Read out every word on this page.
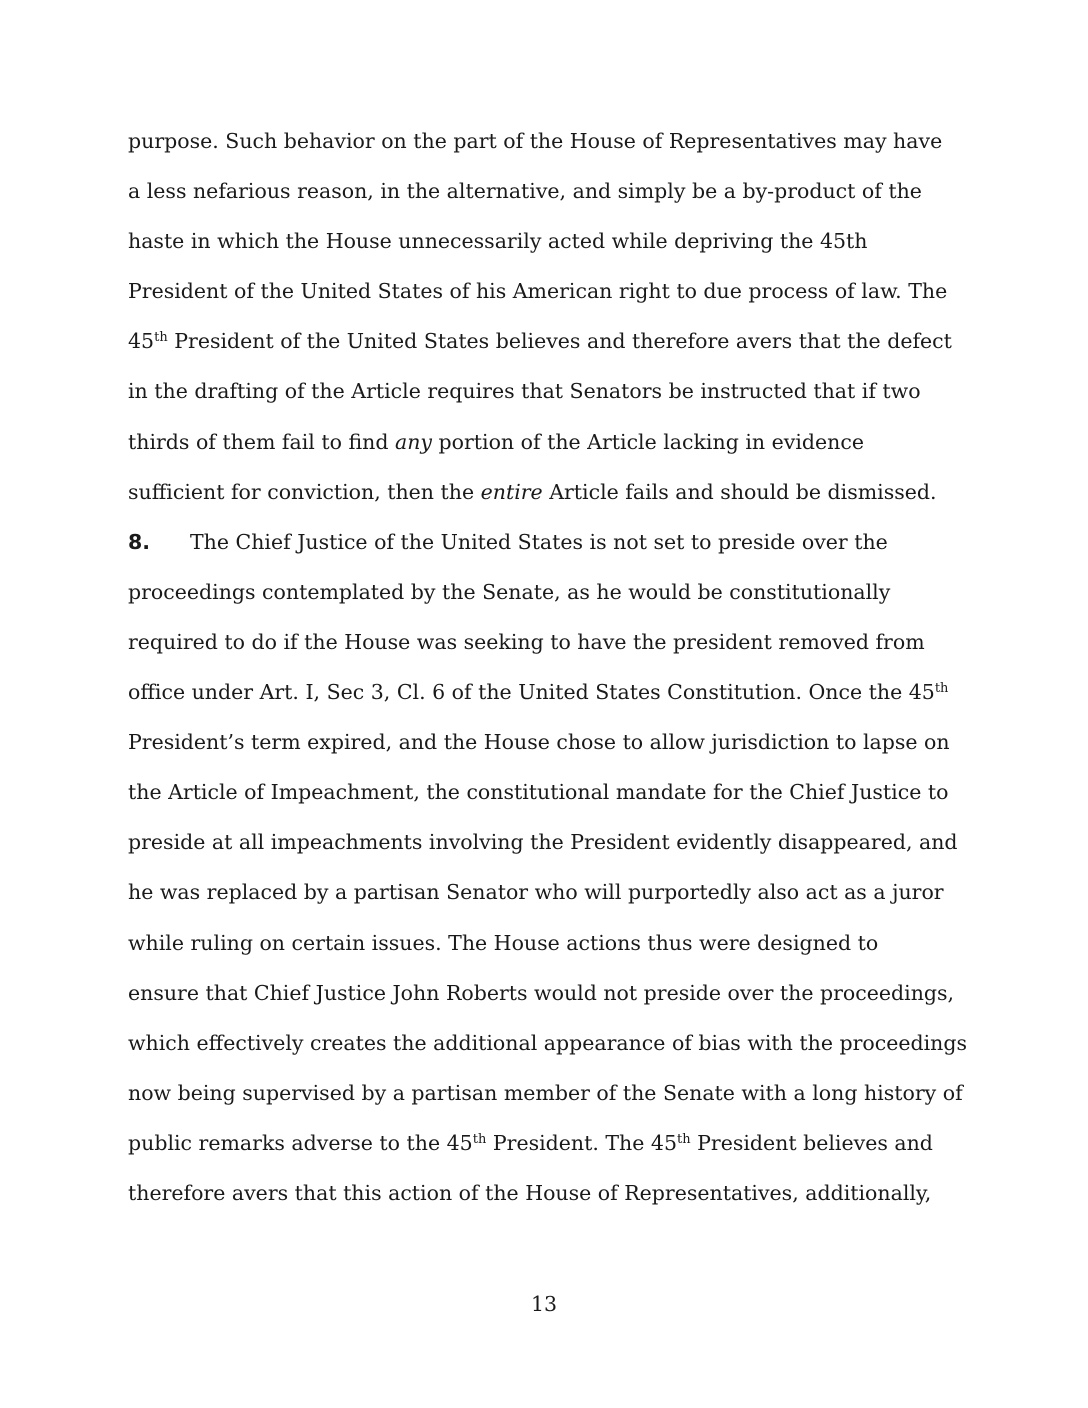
purpose. Such behavior on the part of the House of Representatives may have
a less nefarious reason, in the alternative, and simply be a by-product of the
haste in which the House unnecessarily acted while depriving the 45th
President of the United States of his American right to due process of law. The
45th President of the United States believes and therefore avers that the defect
in the drafting of the Article requires that Senators be instructed that if two
thirds of them fail to find any portion of the Article lacking in evidence
sufficient for conviction, then the entire Article fails and should be dismissed.
8. The Chief Justice of the United States is not set to preside over the
proceedings contemplated by the Senate, as he would be constitutionally
required to do if the House was seeking to have the president removed from
office under Art. I, Sec 3, Cl. 6 of the United States Constitution. Once the 45th
President’s term expired, and the House chose to allow jurisdiction to lapse on
the Article of Impeachment, the constitutional mandate for the Chief Justice to
preside at all impeachments involving the President evidently disappeared, and
he was replaced by a partisan Senator who will purportedly also act as a juror
while ruling on certain issues. The House actions thus were designed to
ensure that Chief Justice John Roberts would not preside over the proceedings,
which effectively creates the additional appearance of bias with the proceedings
now being supervised by a partisan member of the Senate with a long history of
public remarks adverse to the 45th President. The 45th President believes and
therefore avers that this action of the House of Representatives, additionally,
13
